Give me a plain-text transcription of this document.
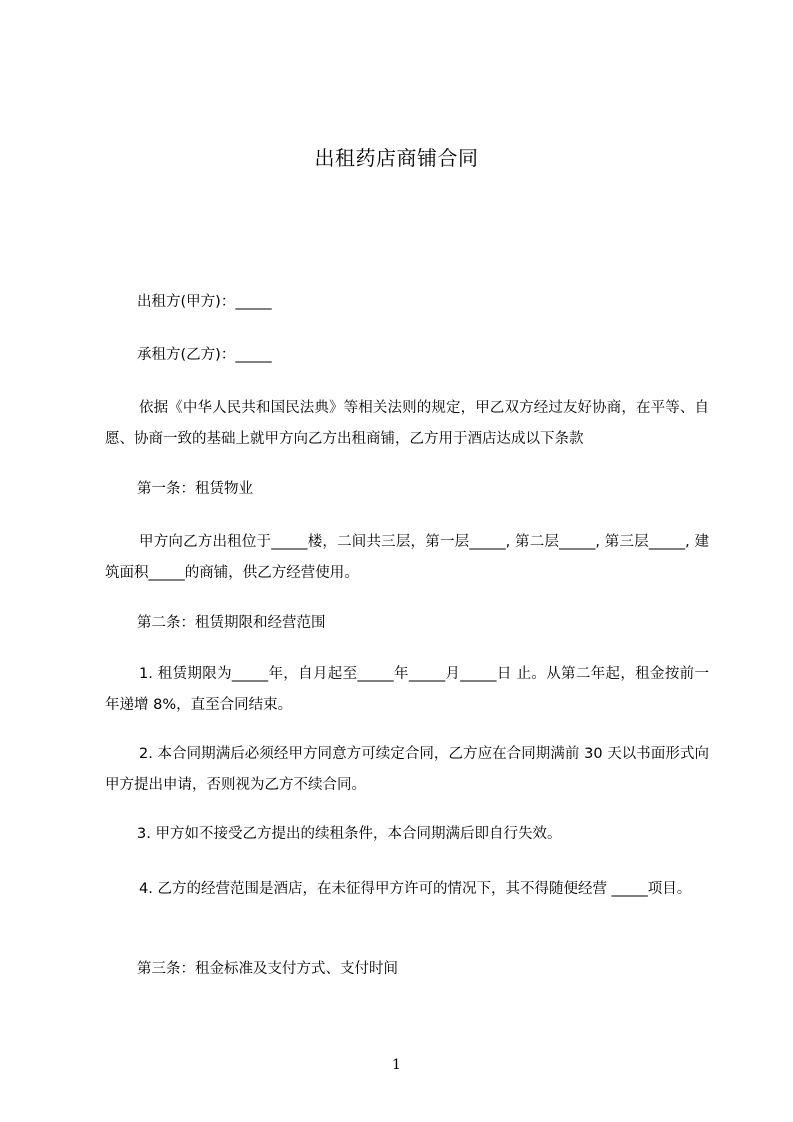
出租药店商铺合同
出租方(甲方)：_____
承租方(乙方)：_____
依据《中华人民共和国民法典》等相关法则的规定，甲乙双方经过友好协商，在平等、自愿、协商一致的基础上就甲方向乙方出租商铺，乙方用于酒店达成以下条款
第一条：租赁物业
甲方向乙方出租位于_____楼，二间共三层，第一层_____, 第二层_____, 第三层_____, 建筑面积_____的商铺，供乙方经营使用。
第二条：租赁期限和经营范围
1. 租赁期限为_____年，自月起至_____年_____月_____日 止。从第二年起，租金按前一年递增 8%，直至合同结束。
2. 本合同期满后必须经甲方同意方可续定合同，乙方应在合同期满前 30 天以书面形式向甲方提出申请，否则视为乙方不续合同。
3. 甲方如不接受乙方提出的续租条件，本合同期满后即自行失效。
4. 乙方的经营范围是酒店，在未征得甲方许可的情况下，其不得随便经营 _____项目。
第三条：租金标准及支付方式、支付时间
1
